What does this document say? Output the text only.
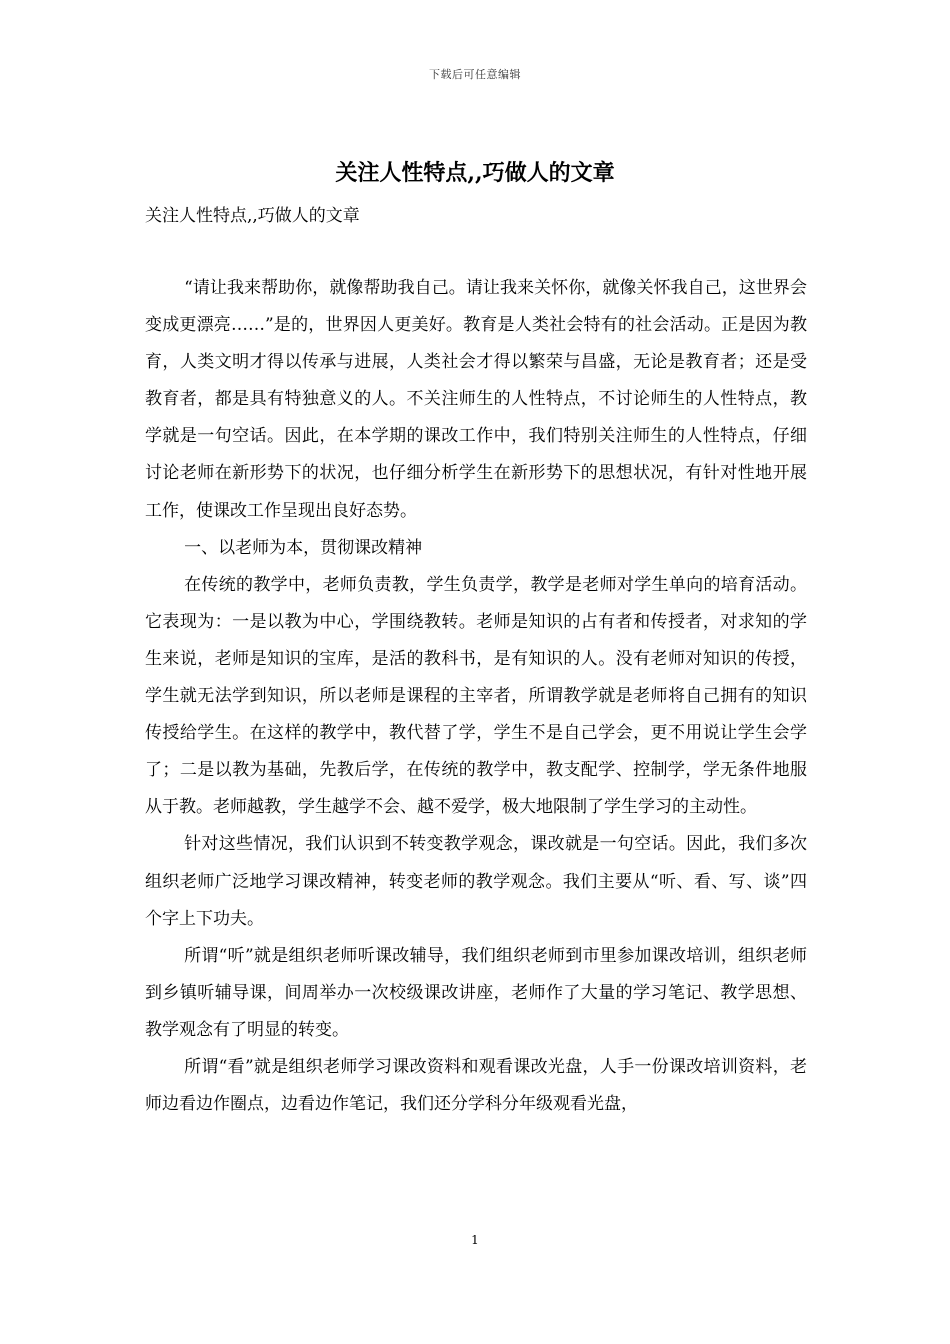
下载后可任意编辑
关注人性特点,,巧做人的文章

关注人性特点,,巧做人的文章

“请让我来帮助你，就像帮助我自己。请让我来关怀你，就像关怀我自己，这世界会变成更漂亮……”是的，世界因人更美好。教育是人类社会特有的社会活动。正是因为教育，人类文明才得以传承与进展，人类社会才得以繁荣与昌盛，无论是教育者；还是受教育者，都是具有特独意义的人。不关注师生的人性特点，不讨论师生的人性特点，教学就是一句空话。因此，在本学期的课改工作中，我们特别关注师生的人性特点，仔细讨论老师在新形势下的状况，也仔细分析学生在新形势下的思想状况，有针对性地开展工作，使课改工作呈现出良好态势。

一、以老师为本，贯彻课改精神

在传统的教学中，老师负责教，学生负责学，教学是老师对学生单向的培育活动。它表现为：一是以教为中心，学围绕教转。老师是知识的占有者和传授者，对求知的学生来说，老师是知识的宝库，是活的教科书，是有知识的人。没有老师对知识的传授，学生就无法学到知识，所以老师是课程的主宰者，所谓教学就是老师将自己拥有的知识传授给学生。在这样的教学中，教代替了学，学生不是自己学会，更不用说让学生会学了；二是以教为基础，先教后学，在传统的教学中，教支配学、控制学，学无条件地服从于教。老师越教，学生越学不会、越不爱学，极大地限制了学生学习的主动性。

针对这些情况，我们认识到不转变教学观念，课改就是一句空话。因此，我们多次组织老师广泛地学习课改精神，转变老师的教学观念。我们主要从“听、看、写、谈”四个字上下功夫。

所谓“听”就是组织老师听课改辅导，我们组织老师到市里参加课改培训，组织老师到乡镇听辅导课，间周举办一次校级课改讲座，老师作了大量的学习笔记、教学思想、教学观念有了明显的转变。

所谓“看”就是组织老师学习课改资料和观看课改光盘，人手一份课改培训资料，老师边看边作圈点，边看边作笔记，我们还分学科分年级观看光盘，

1
